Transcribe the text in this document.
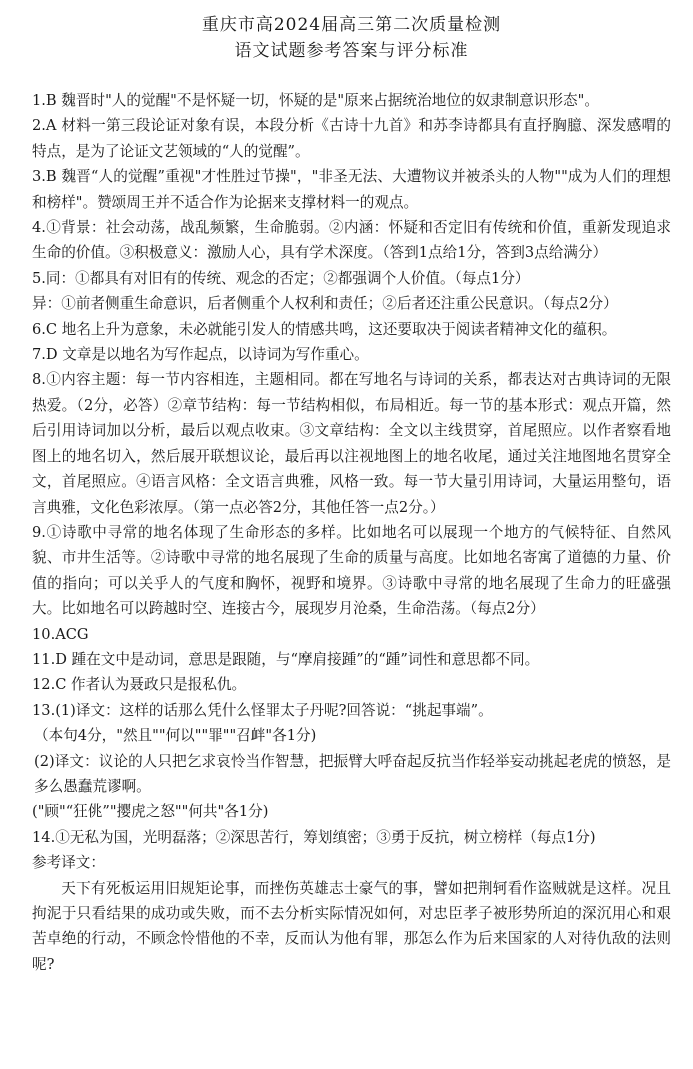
重庆市高2024届高三第二次质量检测
语文试题参考答案与评分标准

1.B 魏晋时"人的觉醒"不是怀疑一切，怀疑的是"原来占据统治地位的奴隶制意识形态"。

2.A 材料一第三段论证对象有误，本段分析《古诗十九首》和苏李诗都具有直抒胸臆、深发感喟的特点，是为了论证文艺领域的“人的觉醒”。

3.B 魏晋“人的觉醒”重视"才性胜过节操"，"非圣无法、大遭物议并被杀头的人物""成为人们的理想和榜样"。赞颂周王并不适合作为论据来支撑材料一的观点。

4.①背景：社会动荡，战乱频繁，生命脆弱。②内涵：怀疑和否定旧有传统和价值，重新发现追求生命的价值。③积极意义：激励人心，具有学术深度。（答到1点给1分，答到3点给满分）

5.同：①都具有对旧有的传统、观念的否定；②都强调个人价值。（每点1分）

异：①前者侧重生命意识，后者侧重个人权利和责任；②后者还注重公民意识。（每点2分）

6.C 地名上升为意象，未必就能引发人的情感共鸣，这还要取决于阅读者精神文化的蕴积。

7.D 文章是以地名为写作起点，以诗词为写作重心。

8.①内容主题：每一节内容相连，主题相同。都在写地名与诗词的关系，都表达对古典诗词的无限热爱。（2分，必答）②章节结构：每一节结构相似，布局相近。每一节的基本形式：观点开篇，然后引用诗词加以分析，最后以观点收束。③文章结构：全文以主线贯穿，首尾照应。以作者察看地图上的地名切入，然后展开联想议论，最后再以注视地图上的地名收尾，通过关注地图地名贯穿全文，首尾照应。④语言风格：全文语言典雅，风格一致。每一节大量引用诗词，大量运用整句，语言典雅，文化色彩浓厚。（第一点必答2分，其他任答一点2分。）

9.①诗歌中寻常的地名体现了生命形态的多样。比如地名可以展现一个地方的气候特征、自然风貌、市井生活等。②诗歌中寻常的地名展现了生命的质量与高度。比如地名寄寓了道德的力量、价值的指向；可以关乎人的气度和胸怀，视野和境界。③诗歌中寻常的地名展现了生命力的旺盛强大。比如地名可以跨越时空、连接古今，展现岁月沧桑，生命浩荡。（每点2分）

10.ACG

11.D 踵在文中是动词，意思是跟随，与“摩肩接踵”的“踵”词性和意思都不同。

12.C 作者认为聂政只是报私仇。

13.(1)译文：这样的话那么凭什么怪罪太子丹呢?回答说：“挑起事端”。

（本句4分，"然且""何以""罪""召衅"各1分)

(2)译文：议论的人只把乞求哀怜当作智慧，把振臂大呼奋起反抗当作轻举妄动挑起老虎的愤怒，是多么愚蠢荒谬啊。

("顾"“狂佻”"撄虎之怒""何共"各1分)

14.①无私为国，光明磊落；②深思苦行，筹划缜密；③勇于反抗，树立榜样（每点1分)

参考译文：

天下有死板运用旧规矩论事，而挫伤英雄志士豪气的事，譬如把荆轲看作盗贼就是这样。况且拘泥于只看结果的成功或失败，而不去分析实际情况如何，对忠臣孝子被形势所迫的深沉用心和艰苦卓绝的行动，不顾念怜惜他的不幸，反而认为他有罪，那怎么作为后来国家的人对待仇敌的法则呢?
